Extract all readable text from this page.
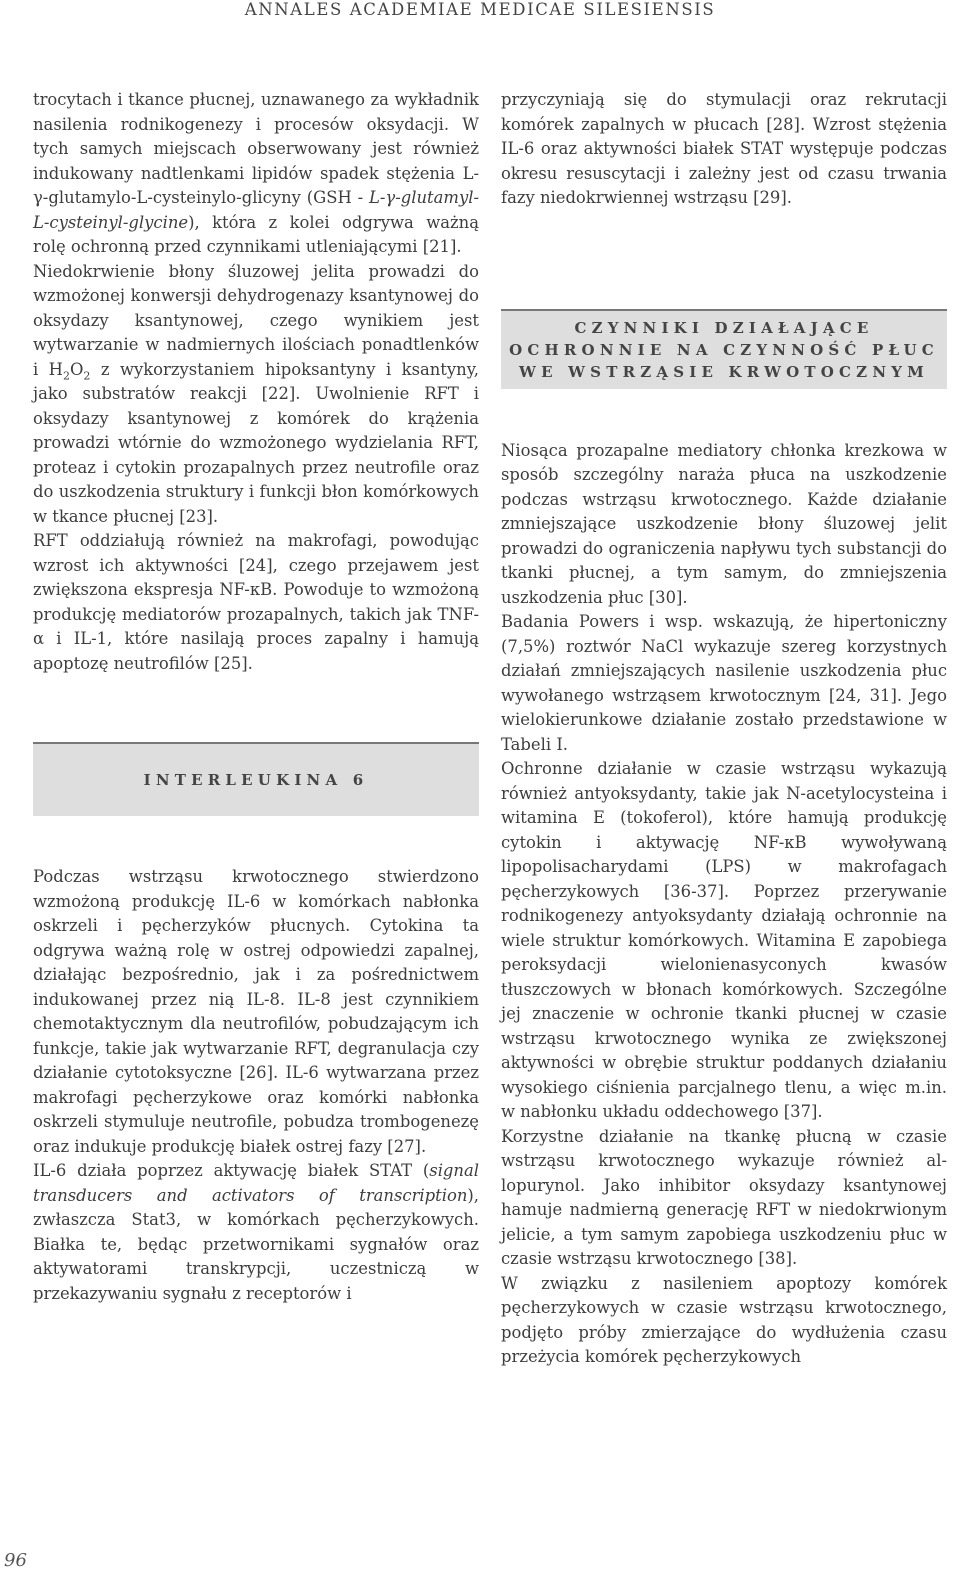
ANNALES ACADEMIAE MEDICAE SILESIENSIS

trocytach i tkance płucnej, uznawanego za wykładnik nasilenia rodnikogenezy i procesów oksydacji. W tych samych miejscach obserwowany jest również indukowany nadtlenkami lipidów spadek stężenia L-γ-glutamylo-L-cysteinylo-glicyny (GSH - L-γ-glutamyl-L-cysteinyl-glycine), która z kolei odgrywa ważną rolę ochronną przed czynnikami utleniającymi [21].

Niedokrwienie błony śluzowej jelita prowadzi do wzmożonej konwersji dehydrogenazy ksantynowej do oksydazy ksantynowej, czego wynikiem jest wytwarzanie w nadmiernych ilościach ponadtlenków i $H_2O_2$ z wykorzystaniem hipoksantyny i ksantyny, jako substratów reakcji [22]. Uwolnienie RFT i oksydazy ksantynowej z komórek do krążenia prowadzi wtórnie do wzmożonego wydzielania RFT, proteaz i cytokin prozapalnych przez neutrofile oraz do uszkodzenia struktury i funkcji błon komórkowych w tkance płucnej [23].

RFT oddziałują również na makrofagi, powodując wzrost ich aktywności [24], czego przejawem jest zwiększona ekspresja NF-κB. Powoduje to wzmożoną produkcję mediatorów prozapalnych, takich jak TNF-α i IL-1, które nasilają proces zapalny i hamują apoptozę neutrofilów [25].

INTERLEUKINA 6

Podczas wstrząsu krwotocznego stwierdzono wzmożoną produkcję IL-6 w komórkach nabłonka oskrzeli i pęcherzyków płucnych. Cytokina ta odgrywa ważną rolę w ostrej odpowiedzi zapalnej, działając bezpośrednio, jak i za pośrednictwem indukowanej przez nią IL-8. IL-8 jest czynnikiem chemotaktycznym dla neutrofilów, pobudzającym ich funkcje, takie jak wytwarzanie RFT, degranulacja czy działanie cytotoksyczne [26]. IL-6 wytwarzana przez makrofagi pęcherzykowe oraz komórki nabłonka oskrzeli stymuluje neutrofile, pobudza trombogenezę oraz indukuje produkcję białek ostrej fazy [27].

IL-6 działa poprzez aktywację białek STAT (signal transducers and activators of transcription), zwłaszcza Stat3, w komórkach pęcherzykowych. Białka te, będąc przetwornikami sygnałów oraz aktywatorami transkrypcji, uczestniczą w przekazywaniu sygnału z receptorów i

przyczyniają się do stymulacji oraz rekrutacji komórek zapalnych w płucach [28]. Wzrost stężenia IL-6 oraz aktywności białek STAT występuje podczas okresu resuscytacji i zależny jest od czasu trwania fazy niedokrwiennej wstrząsu [29].

CZYNNIKI DZIAŁAJĄCE
OCHRONNIE NA CZYNNOŚĆ PŁUC
WE WSTRZĄSIE KRWOTOCZNYM

Niosąca prozapalne mediatory chłonka krezkowa w sposób szczególny naraża płuca na uszkodzenie podczas wstrząsu krwotocznego. Każde działanie zmniejszające uszkodzenie błony śluzowej jelit prowadzi do ograniczenia napływu tych substancji do tkanki płucnej, a tym samym, do zmniejszenia uszkodzenia płuc [30].

Badania Powers i wsp. wskazują, że hipertoniczny (7,5%) roztwór NaCl wykazuje szereg korzystnych działań zmniejszających nasilenie uszkodzenia płuc wywołanego wstrząsem krwotocznym [24, 31]. Jego wielokierunkowe działanie zostało przedstawione w Tabeli I.

Ochronne działanie w czasie wstrząsu wykazują również antyoksydanty, takie jak N-acetylocysteina i witamina E (tokoferol), które hamują produkcję cytokin i aktywację NF-κB wywoływaną lipopolisacharydami (LPS) w makrofagach pęcherzykowych [36-37]. Poprzez przerywanie rodnikogenezy antyoksydanty działają ochronnie na wiele struktur komórkowych. Witamina E zapobiega peroksydacji wielonienasyconych kwasów tłuszczowych w błonach komórkowych. Szczególne jej znaczenie w ochronie tkanki płucnej w czasie wstrząsu krwotocznego wynika ze zwiększonej aktywności w obrębie struktur poddanych działaniu wysokiego ciśnienia parcjalnego tlenu, a więc m.in. w nabłonku układu oddechowego [37].

Korzystne działanie na tkankę płucną w czasie wstrząsu krwotocznego wykazuje również allopurynol. Jako inhibitor oksydazy ksantynowej hamuje nadmierną generację RFT w niedokrwionym jelicie, a tym samym zapobiega uszkodzeniu płuc w czasie wstrząsu krwotocznego [38].

W związku z nasileniem apoptozy komórek pęcherzykowych w czasie wstrząsu krwotocznego, podjęto próby zmierzające do wydłużenia czasu przeżycia komórek pęcherzykowych

96
